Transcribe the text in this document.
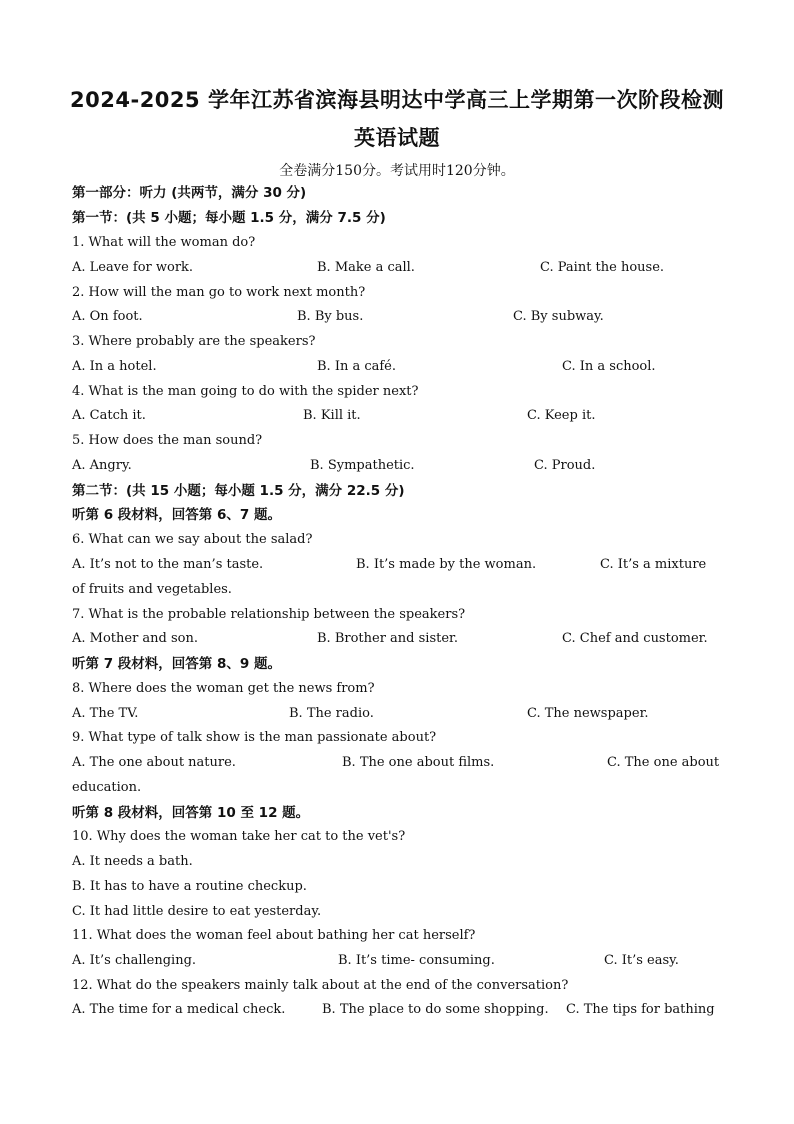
2024-2025 学年江苏省滨海县明达中学高三上学期第一次阶段检测
英语试题
全卷满分150分。考试用时120分钟。
第一部分：听力 (共两节，满分 30 分)
第一节：(共 5 小题；每小题 1.5 分，满分 7.5 分)
1. What will the woman do?
A. Leave for work.	B. Make a call.	C. Paint the house.
2. How will the man go to work next month?
A. On foot.	B. By bus.	C. By subway.
3. Where probably are the speakers?
A. In a hotel.	B. In a café.	C. In a school.
4. What is the man going to do with the spider next?
A. Catch it.	B. Kill it.	C. Keep it.
5. How does the man sound?
A. Angry.	B. Sympathetic.	C. Proud.
第二节：(共 15 小题；每小题 1.5 分，满分 22.5 分)
听第 6 段材料，回答第 6、7 题。
6. What can we say about the salad?
A. It’s not to the man’s taste.	B. It’s made by the woman.	C. It’s a mixture
of fruits and vegetables.
7. What is the probable relationship between the speakers?
A. Mother and son.	B. Brother and sister.	C. Chef and customer.
听第 7 段材料，回答第 8、9 题。
8. Where does the woman get the news from?
A. The TV.	B. The radio.	C. The newspaper.
9. What type of talk show is the man passionate about?
A. The one about nature.	B. The one about films.	C. The one about
education.
听第 8 段材料，回答第 10 至 12 题。
10. Why does the woman take her cat to the vet's?
A. It needs a bath.
B. It has to have a routine checkup.
C. It had little desire to eat yesterday.
11. What does the woman feel about bathing her cat herself?
A. It’s challenging.	B. It’s time- consuming.	C. It’s easy.
12. What do the speakers mainly talk about at the end of the conversation?
A. The time for a medical check.	B. The place to do some shopping. C. The tips for bathing
